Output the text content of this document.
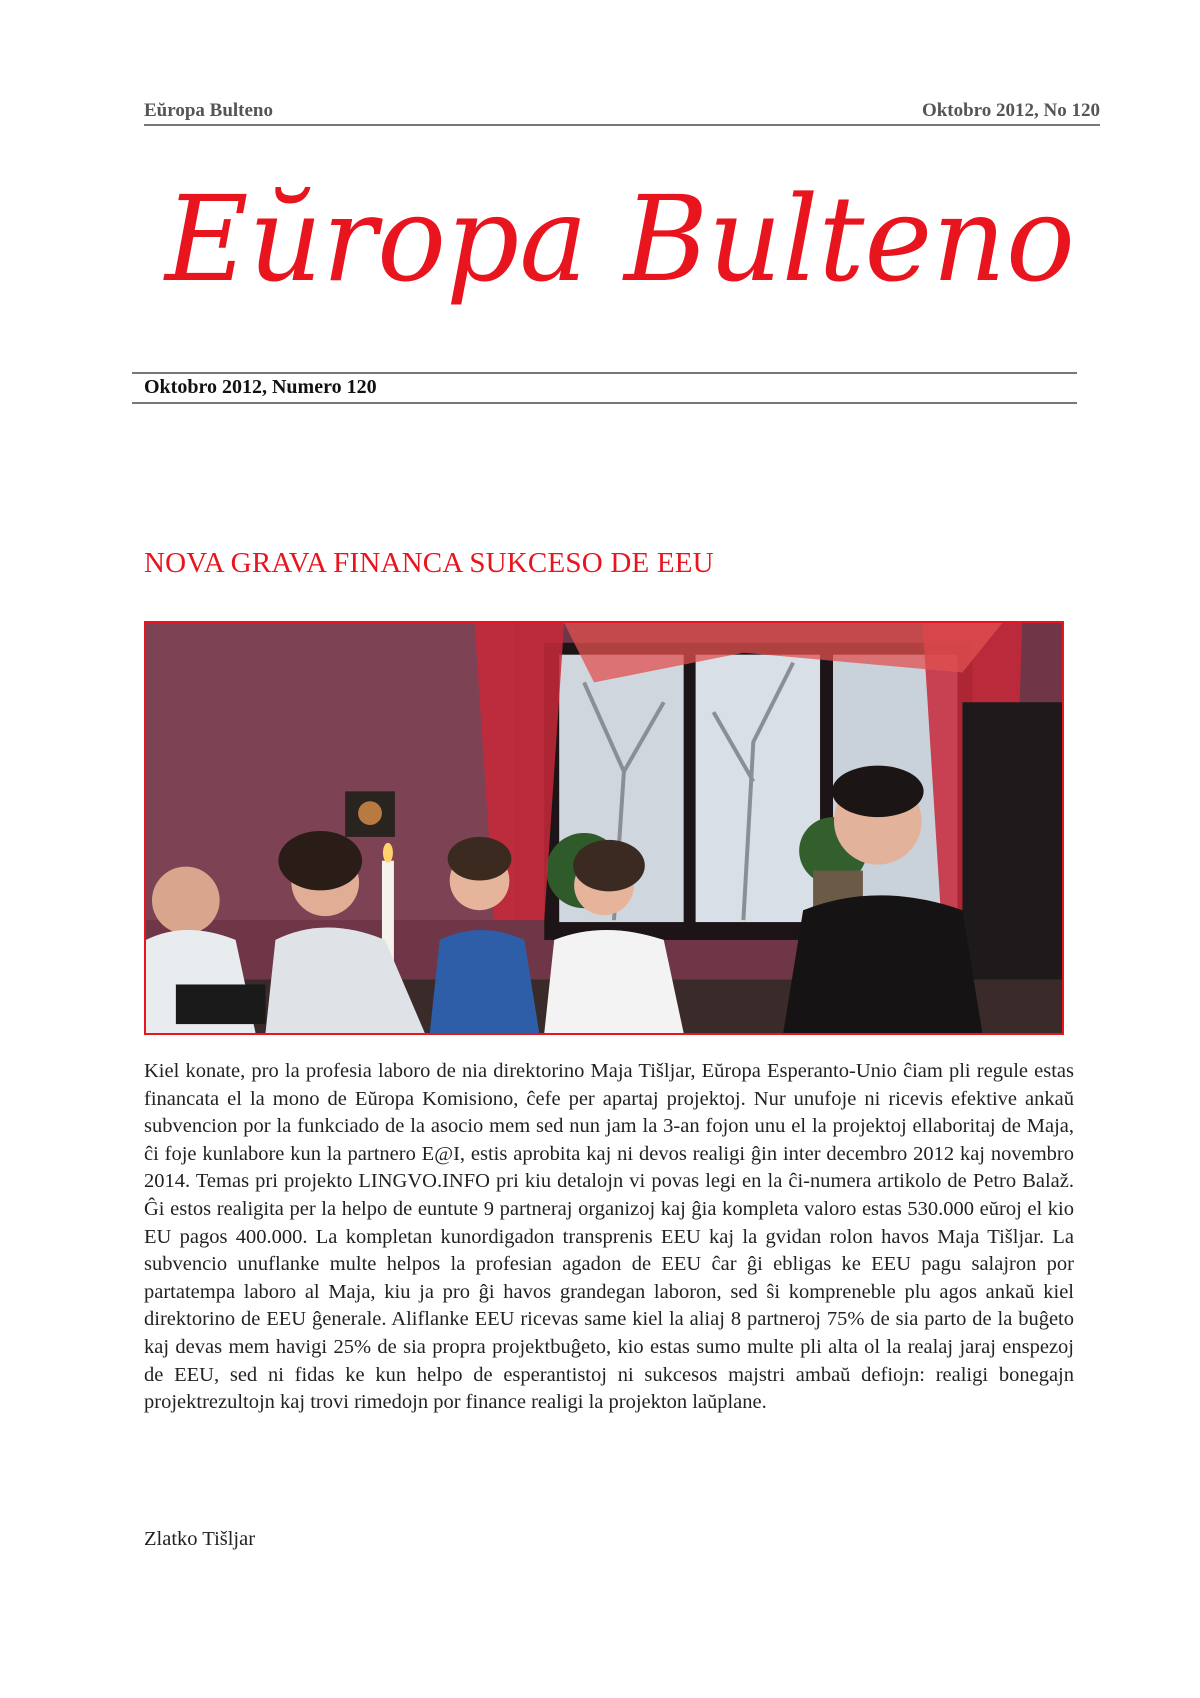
Eŭropa Bulteno	Oktobro 2012, No 120
Eŭropa Bulteno
Oktobro 2012, Numero 120
NOVA GRAVA FINANCA SUKCESO DE EEU

Kiel konate, pro la profesia laboro de nia direktorino Maja Tišljar, Eŭropa Esperanto-Unio ĉiam pli regule estas financata el la mono de Eŭropa Komisiono, ĉefe per apartaj projektoj. Nur unufoje ni ricevis efektive ankaŭ subvencion por la funkciado de la asocio mem sed nun jam la 3-an fojon unu el la projektoj ellaboritaj de Maja, ĉi foje kunlabore kun la partnero E@I, estis aprobita kaj ni devos realigi ĝin inter decembro 2012 kaj novembro 2014. Temas pri projekto LINGVO.INFO pri kiu detalojn vi povas legi en la ĉi-numera artikolo de Petro Balaž. Ĝi estos realigita per la helpo de euntute 9 partneraj organizoj kaj ĝia kompleta valoro estas 530.000 eŭroj el kio EU pagos 400.000. La kompletan kunordigadon transprenis EEU kaj la gvidan rolon havos Maja Tišljar. La subvencio unuflanke multe helpos la profesian agadon de EEU ĉar ĝi ebligas ke EEU pagu salajron por partatempa laboro al Maja, kiu ja pro ĝi havos grandegan laboron, sed ŝi kompreneble plu agos ankaŭ kiel direktorino de EEU ĝenerale. Aliflanke EEU ricevas same kiel la aliaj 8 partneroj 75% de sia parto de la buĝeto kaj devas mem havigi 25% de sia propra projektbuĝeto, kio estas sumo multe pli alta ol la realaj jaraj enspezoj de EEU, sed ni fidas ke kun helpo de esperantistoj ni sukcesos majstri ambaŭ defiojn: realigi bonegajn projektrezultojn kaj trovi rimedojn por finance realigi la projekton laŭplane.

Zlatko Tišljar
